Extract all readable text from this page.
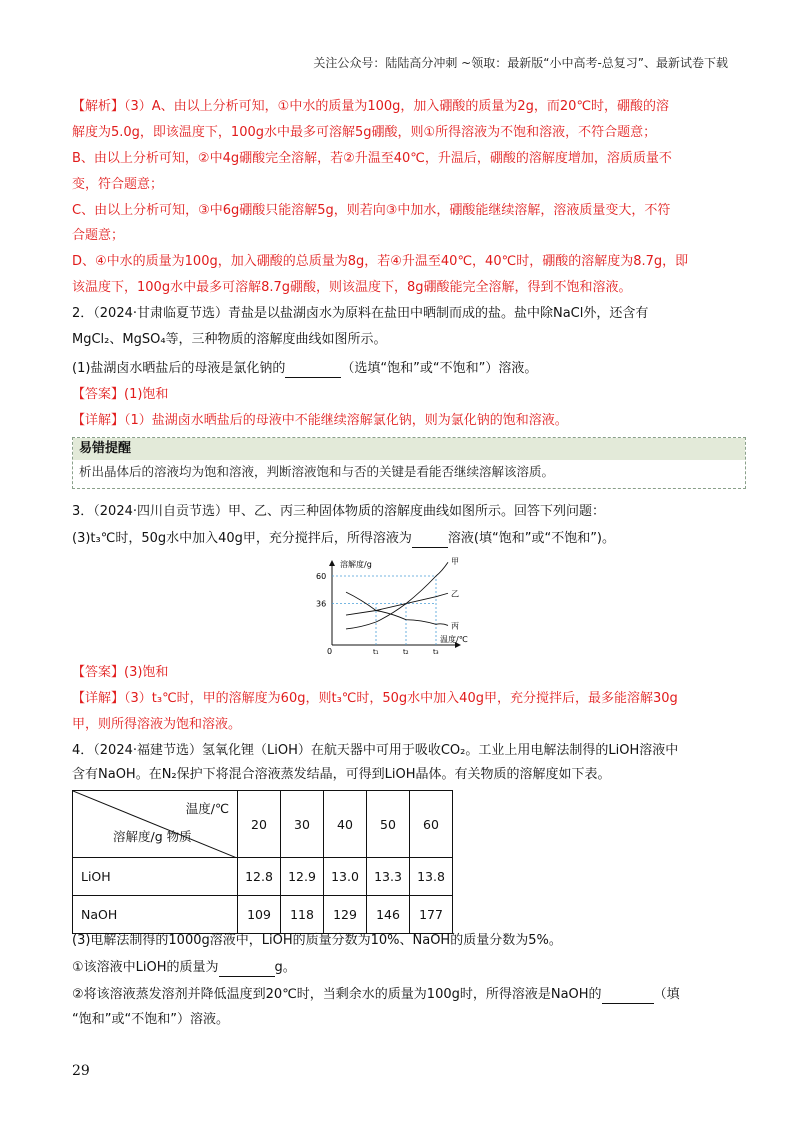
关注公众号：陆陆高分冲刺 ~领取：最新版“小中高考-总复习”、最新试卷下载
【解析】（3）A、由以上分析可知，①中水的质量为100g，加入硼酸的质量为2g，而20℃时，硼酸的溶
解度为5.0g，即该温度下，100g水中最多可溶解5g硼酸，则①所得溶液为不饱和溶液，不符合题意；
B、由以上分析可知，②中4g硼酸完全溶解，若②升温至40℃，升温后，硼酸的溶解度增加，溶质质量不
变，符合题意；
C、由以上分析可知，③中6g硼酸只能溶解5g，则若向③中加水，硼酸能继续溶解，溶液质量变大，不符
合题意；
D、④中水的质量为100g，加入硼酸的总质量为8g，若④升温至40℃，40℃时，硼酸的溶解度为8.7g，即
该温度下，100g水中最多可溶解8.7g硼酸，则该温度下，8g硼酸能完全溶解，得到不饱和溶液。
2．（2024·甘肃临夏节选）青盐是以盐湖卤水为原料在盐田中晒制而成的盐。盐中除NaCl外，还含有
MgCl₂、MgSO₄等，三种物质的溶解度曲线如图所示。
(1)盐湖卤水晒盐后的母液是氯化钠的	（选填“饱和”或“不饱和”）溶液。
【答案】(1)饱和
【详解】（1）盐湖卤水晒盐后的母液中不能继续溶解氯化钠，则为氯化钠的饱和溶液。
易错提醒
析出晶体后的溶液均为饱和溶液，判断溶液饱和与否的关键是看能否继续溶解该溶质。
3．（2024·四川自贡节选）甲、乙、丙三种固体物质的溶解度曲线如图所示。回答下列问题：
(3)t₃℃时，50g水中加入40g甲，充分搅拌后，所得溶液为	溶液(填“饱和”或“不饱和”)。
溶解度/g
温度/℃
0
36
60
t₁	t₂	t₃
甲
乙
丙
【答案】(3)饱和
【详解】（3）t₃℃时，甲的溶解度为60g，则t₃℃时，50g水中加入40g甲，充分搅拌后，最多能溶解30g
甲，则所得溶液为饱和溶液。
4．（2024·福建节选）氢氧化锂（LiOH）在航天器中可用于吸收CO₂。工业上用电解法制得的LiOH溶液中
含有NaOH。在N₂保护下将混合溶液蒸发结晶，可得到LiOH晶体。有关物质的溶解度如下表。
温度/℃
溶解度/g 物质	20	30	40	50	60
LiOH	12.8	12.9	13.0	13.3	13.8
NaOH	109	118	129	146	177
(3)电解法制得的1000g溶液中，LiOH的质量分数为10%、NaOH的质量分数为5%。
①该溶液中LiOH的质量为	g。
②将该溶液蒸发溶剂并降低温度到20℃时，当剩余水的质量为100g时，所得溶液是NaOH的	（填
“饱和”或“不饱和”）溶液。
29
